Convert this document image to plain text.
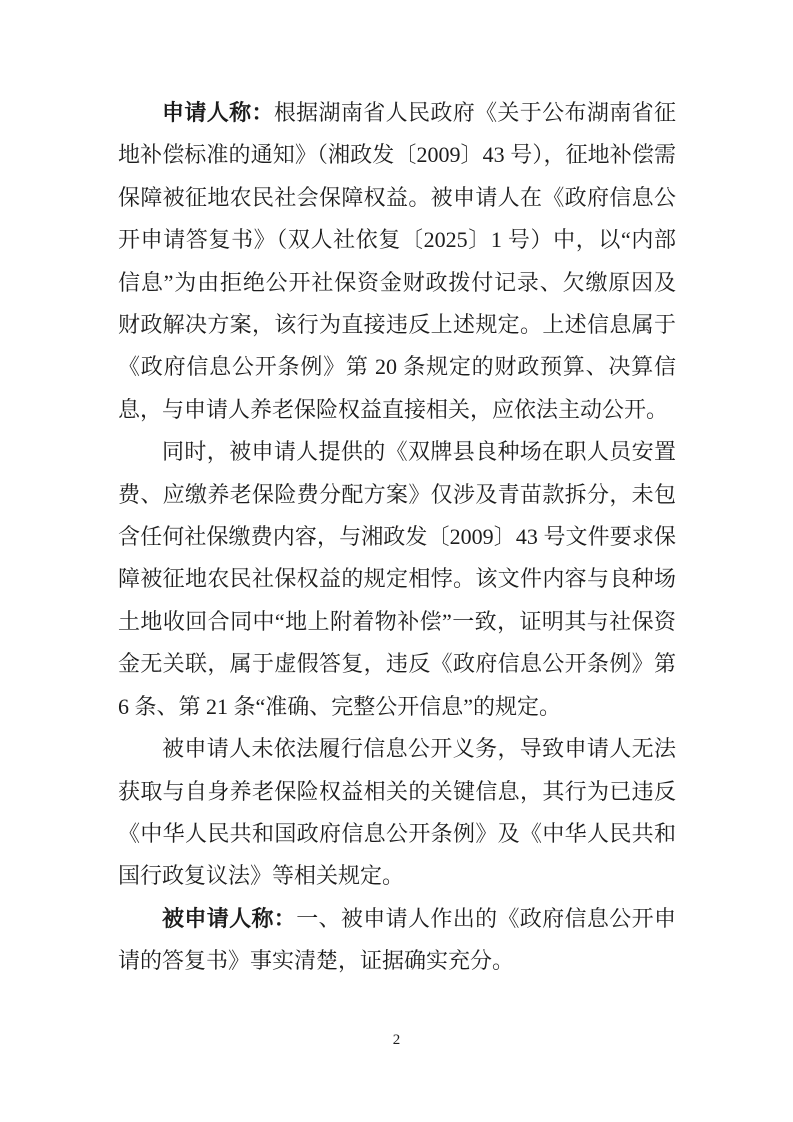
申请人称：根据湖南省人民政府《关于公布湖南省征地补偿标准的通知》（湘政发〔2009〕43 号），征地补偿需保障被征地农民社会保障权益。被申请人在《政府信息公开申请答复书》（双人社依复〔2025〕1 号）中，以“内部信息”为由拒绝公开社保资金财政拨付记录、欠缴原因及财政解决方案，该行为直接违反上述规定。上述信息属于《政府信息公开条例》第 20 条规定的财政预算、决算信息，与申请人养老保险权益直接相关，应依法主动公开。

同时，被申请人提供的《双牌县良种场在职人员安置费、应缴养老保险费分配方案》仅涉及青苗款拆分，未包含任何社保缴费内容，与湘政发〔2009〕43 号文件要求保障被征地农民社保权益的规定相悖。该文件内容与良种场土地收回合同中“地上附着物补偿”一致，证明其与社保资金无关联，属于虚假答复，违反《政府信息公开条例》第 6 条、第 21 条“准确、完整公开信息”的规定。

被申请人未依法履行信息公开义务，导致申请人无法获取与自身养老保险权益相关的关键信息，其行为已违反《中华人民共和国政府信息公开条例》及《中华人民共和国行政复议法》等相关规定。

被申请人称：一、被申请人作出的《政府信息公开申请的答复书》事实清楚，证据确实充分。

2
